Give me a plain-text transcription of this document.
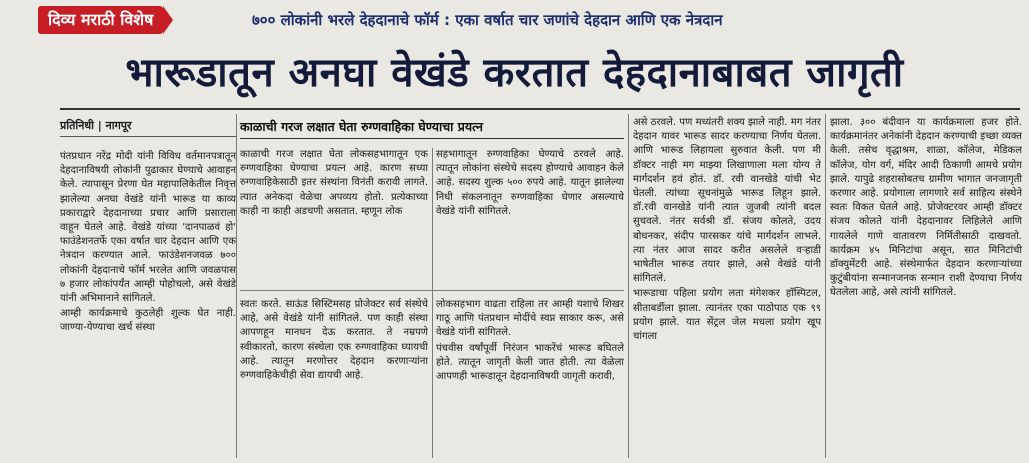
दिव्य मराठी विशेष	७०० लोकांनी भरले देहदानाचे फॉर्म : एका वर्षात चार जणांचे देहदान आणि एक नेत्रदान
भारूडातून अनघा वेखंडे करतात देहदानाबाबत जागृती
प्रतिनिधी | नागपूर	काळाची गरज लक्षात घेता रुग्णवाहिका घेण्याचा प्रयत्न

पंतप्रधान नरेंद्र मोदी यांनी विविध वर्तमानपत्रातून देहदानाविषयी लोकांनी पुढाकार घेण्याचे आवाहन केले. त्यापासून प्रेरणा घेत महापालिकेतील निवृत्त झालेल्या अनघा वेखंडे यांनी भारूड या काव्य प्रकाराद्वारे देहदानाच्या प्रचार आणि प्रसाराला वाहून घेतले आहे. वेखंडे यांच्या 'दानपाळवं हो' फाउंडेशनतर्फे एका वर्षात चार देहदान आणि एक नेत्रदान करण्यात आले. फाउंडेशनजवळ ७०० लोकांनी देहदानाचे फॉर्म भरलेत आणि जवळपास ७ हजार लोकांपर्यंत आम्ही पोहोचलो, असे वेखंडे यांनी अभिमानाने सांगितले.

आम्ही कार्यक्रमाचे कुठलेही शुल्क घेत नाही. जाण्या-येण्याचा खर्च संस्था

काळाची गरज लक्षात घेता लोकसहभागातून एक रुग्णवाहिका घेण्याचा प्रयत्न आहे. कारण सध्या रुग्णवाहिकेसाठी इतर संस्थांना विनंती करावी लागते. त्यात अनेकदा वेळेचा अपव्यय होतो. प्रत्येकाच्या काही ना काही अडचणी असतात. म्हणून लोक

सहभागातून रुग्णवाहिका घेण्याचे ठरवले आहे. त्यातून लोकांना संस्थेचे सदस्य होण्याचे आवाहन केले आहे. सदस्य शुल्क ५०० रुपये आहे. यातून झालेल्या निधी संकलनातून रुग्णवाहिका घेणार असल्याचे वेखंडे यांनी सांगितले.

स्वतः करते. साऊंड सिस्टिमसह प्रोजेक्टर सर्व संस्थेचे आहे, असे वेखंडे यांनी सांगितले. पण काही संस्था आपणहून मानधन देऊ करतात. ते नम्रपणे स्वीकारतो, कारण संस्थेला एक रुग्णवाहिका घ्यायची आहे. त्यातून मरणोत्तर देहदान करणाऱ्यांना रुग्णवाहिकेचीही सेवा द्यायची आहे.

लोकसहभाग वाढता राहिला तर आम्ही यशाचे शिखर गाठू आणि पंतप्रधान मोदींचे स्वप्न साकार करू, असे वेखंडे यांनी सांगितले.

पंचवीस वर्षांपूर्वी निरंजन भाकरेंचं भारूड बघितले होते. त्यातून जागृती केली जात होती. त्या वेळेला आपणही भारूडातून देहदानाविषयी जागृती करावी,

असे ठरवले. पण मध्यंतरी शक्य झाले नाही. मग नंतर देहदान यावर भारूड सादर करण्याचा निर्णय घेतला. आणि भारूड लिहायला सुरुवात केली. पण मी डॉक्टर नाही मग माझ्या लिखाणाला मला योग्य ते मार्गदर्शन हवं होतं. डॉ. रवी वानखेडे यांची भेट घेतली. त्यांच्या सूचनांमुळे भारूड लिहून झाले. डॉ.रवी वानखेडे यांनी त्यात जुजबी त्यांनी बदल सुचवले. नंतर सर्वश्री डॉ. संजय कोलते, उदय बोधनकर, संदीप पारसकर यांचे मार्गदर्शन लाभले. त्या नंतर आज सादर करीत असलेले वऱ्हाडी भाषेतील भारूड तयार झाले, असे वेखंडे यांनी सांगितले.

भारूडाचा पहिला प्रयोग लता मंगेशकर हॉस्पिटल, सीताबर्डीला झाला. त्यानंतर एका पाठोपाठ एक ९९ प्रयोग झाले. यात सेंट्रल जेल मधला प्रयोग खूप चांगला

झाला. ३०० बंदीवान या कार्यक्रमाला हजर होते. कार्यक्रमानंतर अनेकांनी देहदान करण्याची इच्छा व्यक्त केली. तसेच वृद्धाश्रम, शाळा, कॉलेज, मेडिकल कॉलेज, योग वर्ग, मंदिर आदी ठिकाणी आमचे प्रयोग झाले. यापुढे शहरासोबतच ग्रामीण भागात जनजागृती करणार आहे. प्रयोगाला लागणारे सर्व साहित्य संस्थेने स्वतः विकत घेतले आहे. प्रोजेक्टरवर आम्ही डॉक्टर संजय कोलते यांनी देहदानावर लिहिलेले आणि गायलेले गाणे वातावरण निर्मितीसाठी दाखवतो. कार्यक्रम ४५ मिनिटांचा असून, सात मिनिटांची डॉक्युमेंटरी आहे. संस्थेमार्फत देहदान करणाऱ्यांच्या कुटुंबीयांना सन्मानजनक सन्मान राशी देण्याचा निर्णय घेतलेला आहे, असे त्यांनी सांगितले.
